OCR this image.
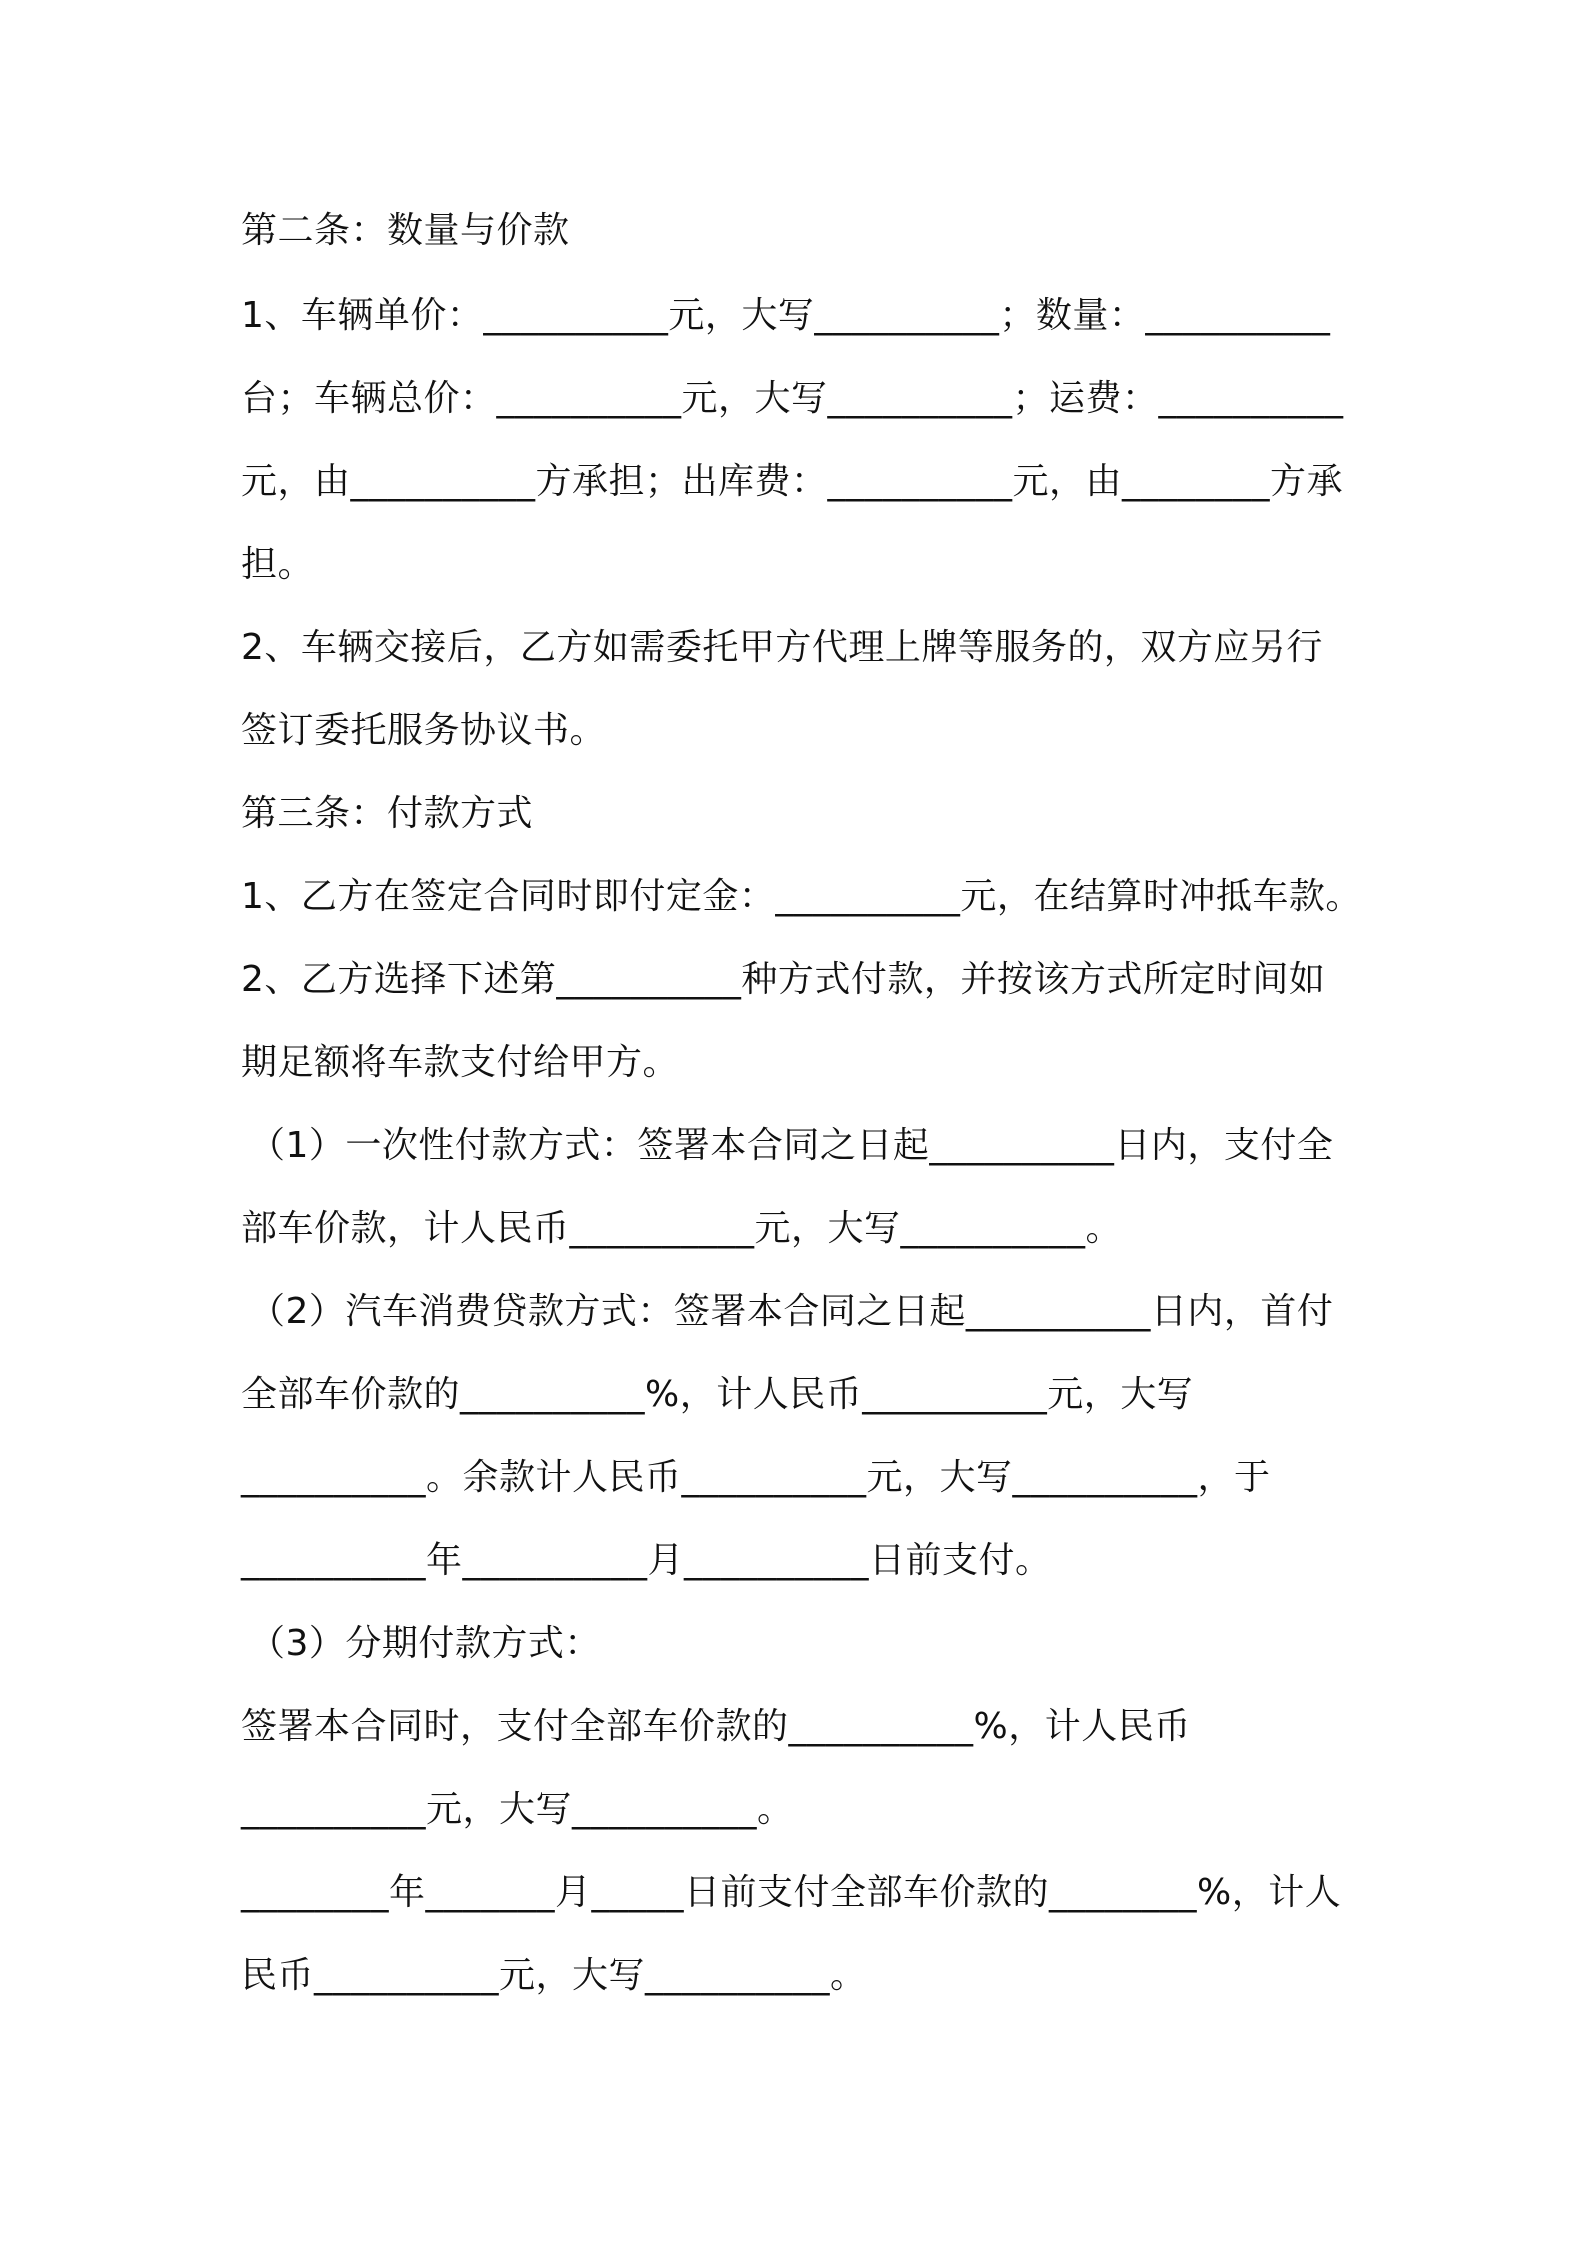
第二条：数量与价款

1、车辆单价：__________元，大写__________；数量：__________

台；车辆总价：__________元，大写__________；运费：__________

元，由__________方承担；出库费：__________元，由________方承

担。

2、车辆交接后，乙方如需委托甲方代理上牌等服务的，双方应另行

签订委托服务协议书。

第三条：付款方式

1、乙方在签定合同时即付定金：__________元，在结算时冲抵车款。

2、乙方选择下述第__________种方式付款，并按该方式所定时间如

期足额将车款支付给甲方。

（1）一次性付款方式：签署本合同之日起__________日内，支付全

部车价款，计人民币__________元，大写__________。

（2）汽车消费贷款方式：签署本合同之日起__________日内，首付

全部车价款的__________%，计人民币__________元，大写

__________。余款计人民币__________元，大写__________，于

__________年__________月__________日前支付。

（3）分期付款方式：

签署本合同时，支付全部车价款的__________%，计人民币

__________元，大写__________。

________年_______月_____日前支付全部车价款的________%，计人

民币__________元，大写__________。
